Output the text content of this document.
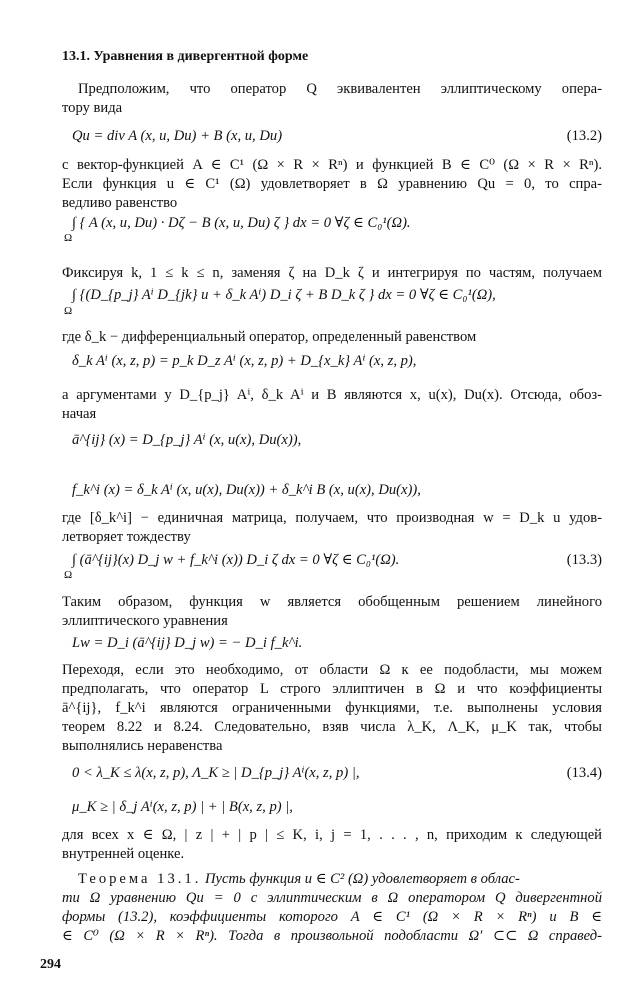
13.1. Уравнения в дивергентной форме
Предположим, что оператор Q эквивалентен эллиптическому опера-
тору вида
Qu = div A (x, u, Du) + B (x, u, Du)	(13.2)
с вектор-функцией A ∈ C¹ (Ω × R × Rⁿ) и функцией B ∈ C⁰ (Ω × R × Rⁿ).
Если функция u ∈ C¹ (Ω) удовлетворяет в Ω уравнению Qu = 0, то спра-
ведливо равенство
∫ { A (x, u, Du) · Dζ − B (x, u, Du) ζ } dx = 0 ∀ζ ∈ C₀¹(Ω).
Ω
Фиксируя k, 1 ≤ k ≤ n, заменяя ζ на D_k ζ и интегрируя по частям, получаем
∫ {(D_{p_j} Aⁱ D_{jk} u + δ_k Aⁱ) D_i ζ + B D_k ζ } dx = 0 ∀ζ ∈ C₀¹(Ω),
Ω
где δ_k − дифференциальный оператор, определенный равенством
δ_k Aⁱ (x, z, p) = p_k D_z Aⁱ (x, z, p) + D_{x_k} Aⁱ (x, z, p),
а аргументами у D_{p_j} Aⁱ, δ_k Aⁱ и B являются x, u(x), Du(x). Отсюда, обоз-
начая
ā^{ij} (x) = D_{p_j} Aⁱ (x, u(x), Du(x)),
f_k^i (x) = δ_k Aⁱ (x, u(x), Du(x)) + δ_k^i B (x, u(x), Du(x)),
где [δ_k^i] − единичная матрица, получаем, что производная w = D_k u удов-
летворяет тождеству
∫ (ā^{ij}(x) D_j w + f_k^i (x)) D_i ζ dx = 0 ∀ζ ∈ C₀¹(Ω).
Ω
(13.3)
Таким образом, функция w является обобщенным решением линейного
эллиптического уравнения
Lw = D_i (ā^{ij} D_j w) = − D_i f_k^i.
Переходя, если это необходимо, от области Ω к ее подобласти, мы можем
предполагать, что оператор L строго эллиптичен в Ω и что коэффициенты
ā^{ij}, f_k^i являются ограниченными функциями, т.е. выполнены условия
теорем 8.22 и 8.24. Следовательно, взяв числа λ_K, Λ_K, μ_K так, чтобы
выполнялись неравенства
0 < λ_K ≤ λ(x, z, p), Λ_K ≥ | D_{p_j} Aⁱ(x, z, p) |,	(13.4)
μ_K ≥ | δ_j Aⁱ(x, z, p) | + | B(x, z, p) |,
для всех x ∈ Ω, | z | + | p | ≤ K, i, j = 1, . . . , n, приходим к следующей
внутренней оценке.
Теорема 13.1. Пусть функция u ∈ C² (Ω) удовлетворяет в облас-
ти Ω уравнению Qu = 0 с эллиптическим в Ω оператором Q дивергентной
формы (13.2), коэффициенты которого A ∈ C¹ (Ω × R × Rⁿ) и B ∈
∈ C⁰ (Ω × R × Rⁿ). Тогда в произвольной подобласти Ω′ ⊂⊂ Ω справед-
294
